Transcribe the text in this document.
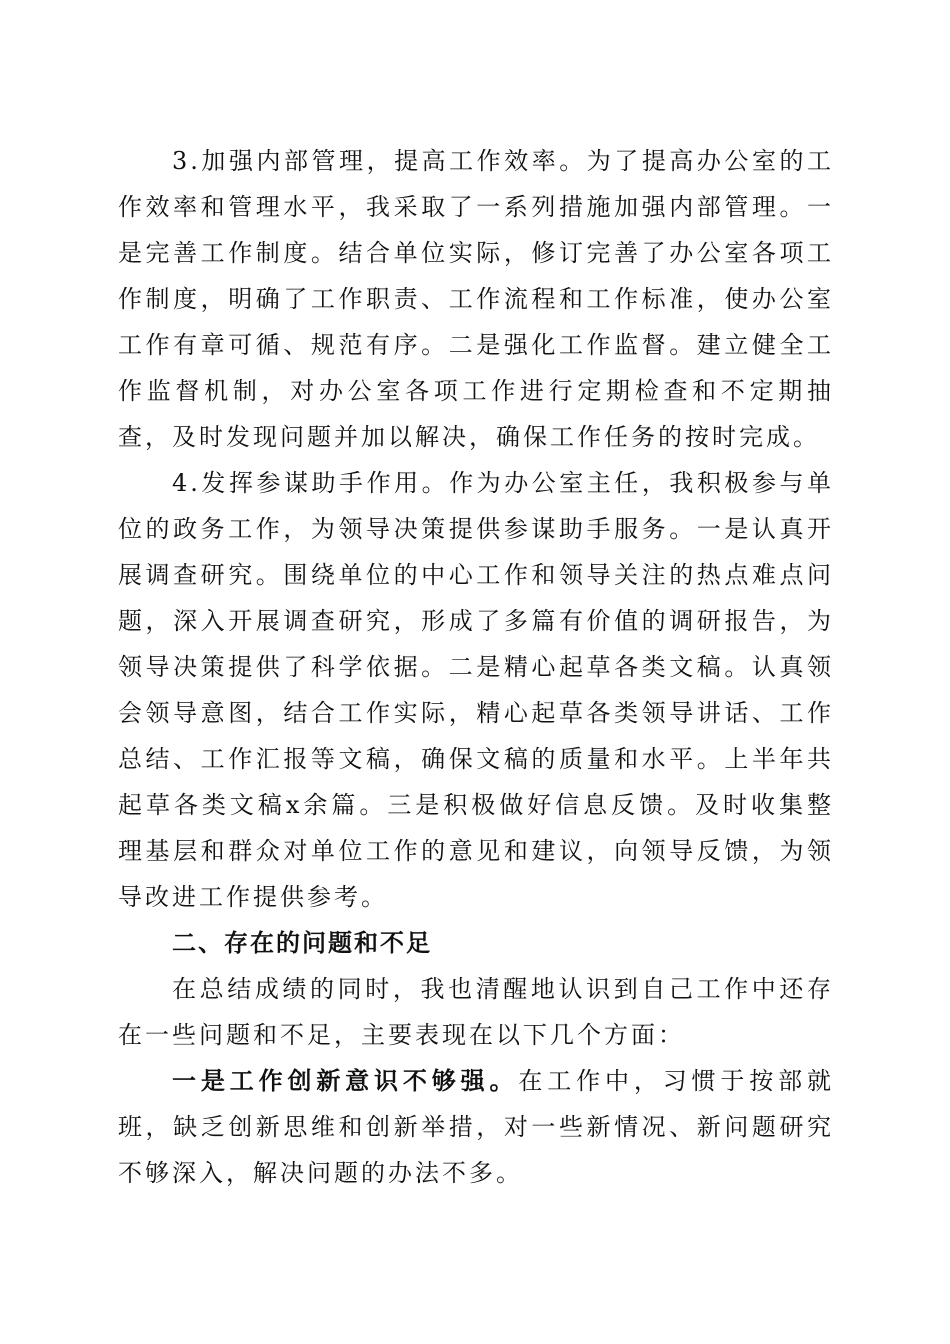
3.加强内部管理，提高工作效率。为了提高办公室的工作效率和管理水平，我采取了一系列措施加强内部管理。一是完善工作制度。结合单位实际，修订完善了办公室各项工作制度，明确了工作职责、工作流程和工作标准，使办公室工作有章可循、规范有序。二是强化工作监督。建立健全工作监督机制，对办公室各项工作进行定期检查和不定期抽查，及时发现问题并加以解决，确保工作任务的按时完成。

4.发挥参谋助手作用。作为办公室主任，我积极参与单位的政务工作，为领导决策提供参谋助手服务。一是认真开展调查研究。围绕单位的中心工作和领导关注的热点难点问题，深入开展调查研究，形成了多篇有价值的调研报告，为领导决策提供了科学依据。二是精心起草各类文稿。认真领会领导意图，结合工作实际，精心起草各类领导讲话、工作总结、工作汇报等文稿，确保文稿的质量和水平。上半年共起草各类文稿x余篇。三是积极做好信息反馈。及时收集整理基层和群众对单位工作的意见和建议，向领导反馈，为领导改进工作提供参考。

二、存在的问题和不足

在总结成绩的同时，我也清醒地认识到自己工作中还存在一些问题和不足，主要表现在以下几个方面：

一是工作创新意识不够强。在工作中，习惯于按部就班，缺乏创新思维和创新举措，对一些新情况、新问题研究不够深入，解决问题的办法不多。
